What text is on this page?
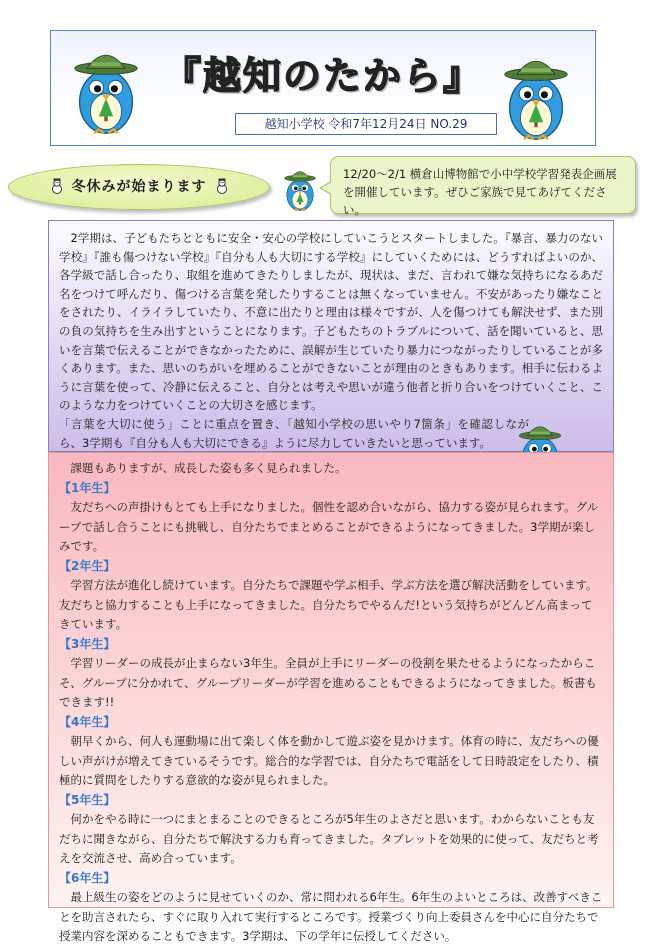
『越知のたから』
越知小学校 令和7年12月24日 NO.29
冬休みが始まります
12/20～2/1 横倉山博物館で小中学校学習発表企画展
を開催しています。ぜひご家族で見てあげてください。

　2学期は、子どもたちとともに安全・安心の学校にしていこうとスタートしました。『暴言、暴力のない学校』『誰も傷つけない学校』『自分も人も大切にする学校』にしていくためには、どうすればよいのか、各学級で話し合ったり、取組を進めてきたりしましたが、現状は、まだ、言われて嫌な気持ちになるあだ名をつけて呼んだり、傷つける言葉を発したりすることは無くなっていません。不安があったり嫌なことをされたり、イライラしていたり、不意に出たりと理由は様々ですが、人を傷つけても解決せず、また別の負の気持ちを生み出すということになります。子どもたちのトラブルについて、話を聞いていると、思いを言葉で伝えることができなかったために、誤解が生じていたり暴力につながったりしていることが多くあります。また、思いのちがいを埋めることができないことが理由のときもあります。相手に伝わるように言葉を使って、冷静に伝えること、自分とは考えや思いが違う他者と折り合いをつけていくこと、このような力をつけていくことの大切さを感じます。

「言葉を大切に使う」ことに重点を置き、「越知小学校の思いやり7箇条」を確認しながら、3学期も『自分も人も大切にできる』ように尽力していきたいと思っています。

　課題もありますが、成長した姿も多く見られました。

【1年生】

　友だちへの声掛けもとても上手になりました。個性を認め合いながら、協力する姿が見られます。グループで話し合うことにも挑戦し、自分たちでまとめることができるようになってきました。3学期が楽しみです。

【2年生】

　学習方法が進化し続けています。自分たちで課題や学ぶ相手、学ぶ方法を選び解決活動をしています。友だちと協力することも上手になってきました。自分たちでやるんだ!という気持ちがどんどん高まってきています。

【3年生】

　学習リーダーの成長が止まらない3年生。全員が上手にリーダーの役割を果たせるようになったからこそ、グループに分かれて、グループリーダーが学習を進めることもできるようになってきました。板書もできます!!

【4年生】

　朝早くから、何人も運動場に出て楽しく体を動かして遊ぶ姿を見かけます。体育の時に、友だちへの優しい声がけが増えてきているそうです。総合的な学習では、自分たちで電話をして日時設定をしたり、積極的に質問をしたりする意欲的な姿が見られました。

【5年生】

　何かをやる時に一つにまとまることのできるところが5年生のよさだと思います。わからないことも友だちに聞きながら、自分たちで解決する力も育ってきました。タブレットを効果的に使って、友だちと考えを交流させ、高め合っています。

【6年生】

　最上級生の姿をどのように見せていくのか、常に問われる6年生。6年生のよいところは、改善すべきことを助言されたら、すぐに取り入れて実行するところです。授業づくり向上委員さんを中心に自分たちで授業内容を深めることもできます。3学期は、下の学年に伝授してください。
